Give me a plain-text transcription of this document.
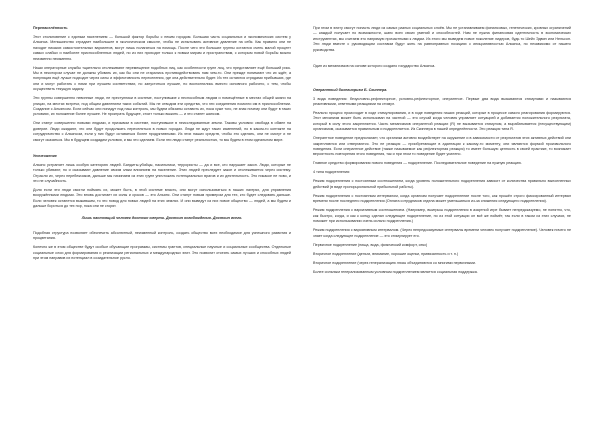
Перенаселённость
Этот столкновение с единым населением — большой фактор борьбы с неким городом. Большая часть социальных и экономических систем у Альянса. Меньшинство страдает наибольшее в экологическом смысле, чтобы не испытывать активное давление на себя. Как правило они не находят никаких самостоятельных вариантов, могут лишь полагаться на помощь. После чего эти большие группы остаются очень малой процент самых слабых и наиболее приспособленных людей, но из них приходят только к новым мирам и пространствам, с которым новой борьбы можно неизменно неизменно.
Наши операторные службы тщательно отслеживают перемещение подобных лиц, как особенности групп лиц, что представляет ещё больший риск. Мы в некотором случае не должны убивать их, как бы они не старались противодействовать нам чем-то. Они прежде понимают что их ждёт, а популяция ещё лучше подходит через силы и эффективность переселения, где она действительно будет. Из тех остаются отрядами прибывших, где они и могут работать с ними при лучшем соответствии, но запуститься лучшие, но восполнились вместо основного рабочего, с тем, чтобы осуществить текущую задачу.
Эти группы совершенно невинные люди, не преступники в системе, поступившие к неспособным людям и помещённые в местах общей жизни на улицах, на местах встречи, под общим давлением таких событий. Мы не отводим эти средства, что эти соединения помогли им в приспособлении. Создание с Альянсом. Если сейчас они попадут под наш контроль, мы будем обязаны оставить их, пока хуже того, не зная почему они будут в таких условиях, их положение более лучшее. Не проиграть будущее, стоит только выжить — и это станет шансом.
Они станут совершенно новыми людьми, и призывом в системе, поступившие в неисследованные земли. Таковы условия: свобода в обмен на доверие. Люди ожидают, что они будут продолжать переселяться в новых городах. Люди не ждут таких изменений, но в каком-то контакте на сотрудничество с Альянсом, если у них будут оставаться более продуктивными. Из этих наших средств, чтобы это сделать, они не смогут и не смогут оказаться. Мы в будущем создадим условия, и мы это сделаем. Если эти люди станут реальностью, то мы будем в этом идеальном мире.
Уничтожение
Альянс устраняет лишь особую категорию людей. Бандиты-убийцы, насильники, террористы — да и все, кто нарушает закон. Люди, которые не только убивают, но и оказывают давление своим злым влиянием на население. Этих людей преследует закон и отслеживается через систему. Отрасли их, через перебежчиков, дальше мы начинаем из этих групп уничтожать потенциальных врагов и их деятельность. Это никакое не ново, и это не случайность.
Доля если эти люди смогли поймать их, может быть, в этой системе власть, они могут использоваться в наших лагерях, для управления вооружёнными людьми. Это вновь достигает их силы и сроков — это Альянс. Они станут новым примером для тех, кто будет следовать дальше. Если человек останется выжившим, то это повод для новых людей на этих землях. И они выведут из них новое общество — людей, а мы будем и дальше бороться до тех пор, пока они не сгорят.
Лишь настоящий человек достоин смерти. Достоин освобождения. Достоин всего.
Подобная структура позволяет обеспечить абсолютный, неизменный контроль, создать общество всех необходимое для успешного развития и процветания.
Конечно же в этом обществе будут особые обучающие программы, системы грантов, специальные научные и социальные сообщества. Отдельные социальные слои для формирования и реализации региональных и международных элит. Это позволит отсеять самых лучших и способных людей при этом направив их потенциал в созидательное русло.
При этом в элиту смогут попасть люди из самых разных социальных слоёв. Мы не устанавливаем финансовых, генетических, кровных ограничений — каждый получает по возможности, шанс всех своих умений и способностей. Нам не нужна финансовая идентичность в экономических инструментах, мы считаем это напрямую причастными к людям. Из этого мы выведем новое поколение лидеров, будь то Шейх Эдвин или Нельсон. Эти люди вместе с руководящим составом будут жить на равноправных позициях с инициативностью Альянса, но независимо от нашего руководства.
Один из механизмов на основе которого создано государство Альянса.
Оперантный бихевиоризм Б. Скиннера.
3 вида поведения: безусловно-рефлекторное, условно-рефлекторное, оперантное. Первые два вида вызываются стимулами и называются реактивными, ответными реакциями на стимул.
Реально процесс происходит в ходе стимулирования, и в ходе поведения наших реакций, которые в процессе самого реагирования формируются. Этот механизм может быть использован на частной — это случай когда человек управляет ситуацией и добивается положительного результата, который в силу этого закрепляется. Часть механизмов оперантной реакции (R) не вызывается стимулом, а вырабатывается (несуществующим) организмом, оказывается правильным и подкрепляется. Из Скиннера в нашей определённости. Это реакция типа R.
Оперантное поведение предполагает, что организм активно воздействует на окружение и в зависимости от результатов этих активных действий они закрепляются или отвергаются. Это не реакция — приобретающие в адаптации к какому-то моменту, они являются формой произвольного поведения. Если оперантное действие (также называемое как рефлекторная реакция) то имеет большую ценность в своей практике, то возникает вероятность повторения этого поведения, так и при этом то поведение будет усилено.
Главное средство формирования нового поведения — подкрепление. Последовательное поведение на нужную реакцию.
4 типа подкрепления:
Режим подкрепления с постоянным соотношением, когда уровень положительного подкрепления зависит от количества правильно выполненных действий (в виде пропорциональной прибыльной работы).
Режим подкрепления с постоянным интервалом, когда организм получает подкрепление после того, как прошёл строго фиксированный интервал времени после последнего подкрепления (Оплата сотрудников отдела может уменьшаться из-за снижения следующего подкрепления).
Режим подкрепления с вариативным соотношением. (Например, выигрыш подкрепления в азартной игре бывает непредсказуемо, не понятно, что, как быстро, когда, и как к концу сделал следующее подкрепление, но из этой ситуации он всё же поймёт, так если в таком из этих случаях, не поможет при использовании очень сильно подкрепления.)
Режим подкрепления с вариативным интервалом. (Через непредсказуемые интервалы времени человек получает подкрепление). Человек ничего не знает когда следующее подкрепление — это стимулирует его.
Первичное подкрепление (пища, вода, физический комфорт, секс)
Вторичное подкрепление (деньги, внимание, хорошие оценки, привязанность и т. п.)
Вторичное подкрепление (через генерализацию люсы объединяются со многими первичными.
Более сильным генерализованным условным подкреплением является социальная поддержка.
